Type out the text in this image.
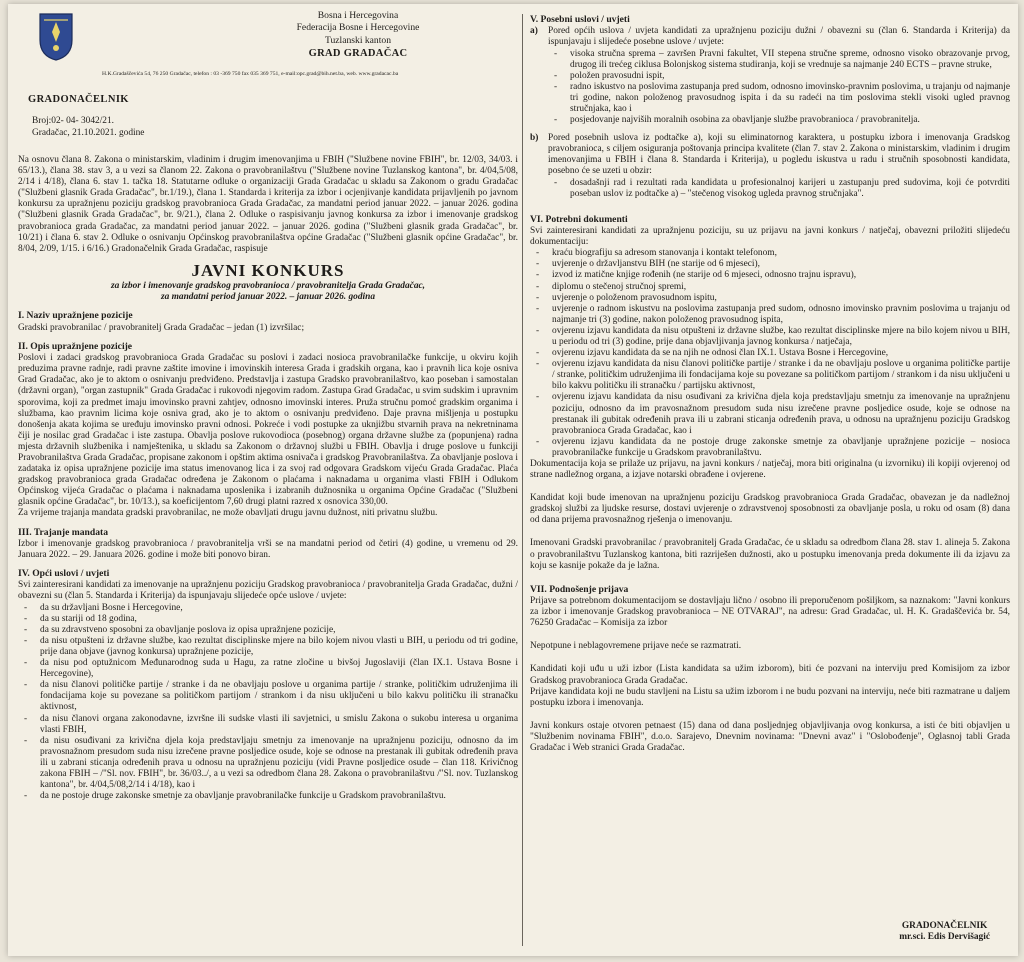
Bosna i Hercegovina
Federacija Bosne i Hercegovine
Tuzlanski kanton
GRAD GRADAČAC
H.K.Gradaščevića 54, 76 250 Gradačac, telefon : 03 -369 750 fax 035 369 751, e-mail:opc.grad@bih.net.ba, web. www.gradacac.ba
GRADONAČELNIK
Broj:02- 04- 3042/21.
Gradačac, 21.10.2021. godine

Na osnovu člana 8. Zakona o ministarskim, vladinim i drugim imenovanjima u FBIH ("Službene novine FBIH", br. 12/03, 34/03. i 65/13.), člana 38. stav 3, a u vezi sa članom 22. Zakona o pravobranilaštvu ("Službene novine Tuzlanskog kantona", br. 4/04,5/08, 2/14 i 4/18), člana 6. stav 1. tačka 18. Statutarne odluke o organizaciji Grada Gradačac u skladu sa Zakonom o gradu Gradačac ("Službeni glasnik Grada Gradačac", br.1/19.), člana 1. Standarda i kriterija za izbor i ocjenjivanje kandidata prijavljenih po javnom konkursu za upražnjenu poziciju gradskog pravobranioca Grada Gradačac, za mandatni period januar 2022. – januar 2026. godina ("Službeni glasnik Grada Gradačac", br. 9/21.), člana 2. Odluke o raspisivanju javnog konkursa za izbor i imenovanje gradskog pravobranioca grada Gradačac, za mandatni period januar 2022. – januar 2026. godina ("Službeni glasnik grada Gradačac", br. 10/21) i člana 6. stav 2. Odluke o osnivanju Općinskog pravobranilaštva općine Gradačac ("Službeni glasnik općine Gradačac", br. 8/04, 2/09, 1/15. i 6/16.) Gradonačelnik Grada Gradačac, raspisuje

JAVNI KONKURS
za izbor i imenovanje gradskog pravobranioca / pravobranitelja Grada Gradačac,
za mandatni period januar 2022. – januar 2026. godina
I. Naziv upražnjene pozicije

Gradski pravobranilac / pravobranitelj Grada Gradačac – jedan (1) izvršilac;

II. Opis upražnjene pozicije

Poslovi i zadaci gradskog pravobranioca Grada Gradačac su poslovi i zadaci nosioca pravobranilačke funkcije, u okviru kojih preduzima pravne radnje, radi pravne zaštite imovine i imovinskih interesa Grada i gradskih organa, kao i pravnih lica koje osniva Grad Gradačac, ako je to aktom o osnivanju predviđeno. Predstavlja i zastupa Gradsko pravobranilaštvo, kao poseban i samostalan (državni organ), "organ zastupnik" Grada Gradačac i rukovodi njegovim radom. Zastupa Grad Gradačac, u svim sudskim i upravnim sporovima, koji za predmet imaju imovinsko pravni zahtjev, odnosno imovinski interes. Pruža stručnu pomoć gradskim organima i službama, kao pravnim licima koje osniva grad, ako je to aktom o osnivanju predviđeno. Daje pravna mišljenja u postupku donošenja akata kojima se uređuju imovinsko pravni odnosi. Pokreće i vodi postupke za uknjižbu stvarnih prava na nekretninama čiji je nosilac grad Gradačac i iste zastupa. Obavlja poslove rukovodioca (posebnog) organa državne službe za (popunjena) radna mjesta državnih službenika i namještenika, u skladu sa Zakonom o državnoj službi u FBIH. Obavlja i druge poslove u funkciji Pravobranilaštva Grada Gradačac, propisane zakonom i opštim aktima osnivača i gradskog Pravobranilaštva. Za obavljanje poslova i zadataka iz opisa upražnjene pozicije ima status imenovanog lica i za svoj rad odgovara Gradskom vijeću Grada Gradačac. Plaća gradskog pravobranioca grada Gradačac određena je Zakonom o plaćama i naknadama u organima vlasti FBIH i Odlukom Općinskog vijeća Gradačac o plaćama i naknadama uposlenika i izabranih dužnosnika u organima Općine Gradačac ("Službeni glasnik općine Gradačac", br. 10/13.), sa koeficijentom 7,60 drugi platni razred x osnovica 330,00.

Za vrijeme trajanja mandata gradski pravobranilac, ne može obavljati drugu javnu dužnost, niti privatnu službu.

III. Trajanje mandata

Izbor i imenovanje gradskog pravobranioca / pravobranitelja vrši se na mandatni period od četiri (4) godine, u vremenu od 29. Januara 2022. – 29. Januara 2026. godine i može biti ponovo biran.

IV. Opći uslovi / uvjeti

Svi zainteresirani kandidati za imenovanje na upražnjenu poziciju Gradskog pravobranioca / pravobranitelja Grada Gradačac, dužni / obavezni su (član 5. Standarda i Kriterija) da ispunjavaju slijedeće opće uslove / uvjete:

- da su državljani Bosne i Hercegovine,
- da su stariji od 18 godina,
- da su zdravstveno sposobni za obavljanje poslova iz opisa upražnjene pozicije,
- da nisu otpušteni iz državne službe, kao rezultat disciplinske mjere na bilo kojem nivou vlasti u BIH, u periodu od tri godine, prije dana objave (javnog konkursa) upražnjene pozicije,
- da nisu pod optužnicom Međunarodnog suda u Hagu, za ratne zločine u bivšoj Jugoslaviji (član IX.1. Ustava Bosne i Hercegovine),
- da nisu članovi političke partije / stranke i da ne obavljaju poslove u organima partije / stranke, političkim udruženjima ili fondacijama koje su povezane sa političkom partijom / strankom i da nisu uključeni u bilo kakvu političku ili stranačku aktivnost,
- da nisu članovi organa zakonodavne, izvršne ili sudske vlasti ili savjetnici, u smislu Zakona o sukobu interesa u organima vlasti FBIH,
- da nisu osuđivani za krivična djela koja predstavljaju smetnju za imenovanje na upražnjenu poziciju, odnosno da im pravosnažnom presudom suda nisu izrečene pravne posljedice osude, koje se odnose na prestanak ili gubitak određenih prava ili u zabrani sticanja određenih prava u odnosu na upražnjenu poziciju (vidi Pravne posljedice osude – član 118. Krivičnog zakona FBIH – /"Sl. nov. FBIH", br. 36/03../, a u vezi sa odredbom člana 28. Zakona o pravobranilaštvu /"Sl. nov. Tuzlanskog kantona", br. 4/04,5/08,2/14 i 4/18), kao i
- da ne postoje druge zakonske smetnje za obavljanje pravobranilačke funkcije u Gradskom pravobranilaštvu.
V. Posebni uslovi / uvjeti
a)	Pored općih uslova / uvjeta kandidati za upražnjenu poziciju dužni / obavezni su (član 6. Standarda i Kriterija) da ispunjavaju i slijedeće posebne uslove / uvjete:

- visoka stručna sprema – završen Pravni fakultet, VII stepena stručne spreme, odnosno visoko obrazovanje prvog, drugog ili trećeg ciklusa Bolonjskog sistema studiranja, koji se vrednuje sa najmanje 240 ECTS – pravne struke,
- položen pravosudni ispit,
- radno iskustvo na poslovima zastupanja pred sudom, odnosno imovinsko-pravnim poslovima, u trajanju od najmanje tri godine, nakon položenog pravosudnog ispita i da su radeći na tim poslovima stekli visoki ugled pravnog stručnjaka, kao i
- posjedovanje najviših moralnih osobina za obavljanje službe pravobranioca / pravobranitelja.
b)	Pored posebnih uslova iz podtačke a), koji su eliminatornog karaktera, u postupku izbora i imenovanja Gradskog pravobranioca, s ciljem osiguranja poštovanja principa kvalitete (član 7. stav 2. Zakona o ministarskim, vladinim i drugim imenovanjima u FBIH i člana 8. Standarda i Kriterija), u pogledu iskustva u radu i stručnih sposobnosti kandidata, posebno će se uzeti u obzir:

- dosadašnji rad i rezultati rada kandidata u profesionalnoj karijeri u zastupanju pred sudovima, koji će potvrditi poseban uslov iz podtačke a) – "stečenog visokog ugleda pravnog stručnjaka".
VI. Potrebni dokumenti

Svi zainteresirani kandidati za upražnjenu poziciju, su uz prijavu na javni konkurs / natječaj, obavezni priložiti slijedeću dokumentaciju:

- kraću biografiju sa adresom stanovanja i kontakt telefonom,
- uvjerenje o državljanstvu BIH (ne starije od 6 mjeseci),
- izvod iz matične knjige rođenih (ne starije od 6 mjeseci, odnosno trajnu ispravu),
- diplomu o stečenoj stručnoj spremi,
- uvjerenje o položenom pravosudnom ispitu,
- uvjerenje o radnom iskustvu na poslovima zastupanja pred sudom, odnosno imovinsko pravnim poslovima u trajanju od najmanje tri (3) godine, nakon položenog pravosudnog ispita,
- ovjerenu izjavu kandidata da nisu otpušteni iz državne službe, kao rezultat disciplinske mjere na bilo kojem nivou u BIH, u periodu od tri (3) godine, prije dana objavljivanja javnog konkursa / natječaja,
- ovjerenu izjavu kandidata da se na njih ne odnosi član IX.1. Ustava Bosne i Hercegovine,
- ovjerenu izjavu kandidata da nisu članovi političke partije / stranke i da ne obavljaju poslove u organima političke partije / stranke, političkim udruženjima ili fondacijama koje su povezane sa političkom partijom / strankom i da nisu uključeni u bilo kakvu političku ili stranačku / partijsku aktivnost,
- ovjerenu izjavu kandidata da nisu osuđivani za krivična djela koja predstavljaju smetnju za imenovanje na upražnjenu poziciju, odnosno da im pravosnažnom presudom suda nisu izrečene pravne posljedice osude, koje se odnose na prestanak ili gubitak određenih prava ili u zabrani sticanja određenih prava, u odnosu na upražnjenu poziciju Gradskog pravobranioca Grada Gradačac, kao i
- ovjerenu izjavu kandidata da ne postoje druge zakonske smetnje za obavljanje upražnjene pozicije – nosioca pravobranilačke funkcije u Gradskom pravobranilaštvu.

Dokumentacija koja se prilaže uz prijavu, na javni konkurs / natječaj, mora biti originalna (u izvorniku) ili kopiji ovjerenoj od strane nadležnog organa, a izjave notarski obrađene i ovjerene.

Kandidat koji bude imenovan na upražnjenu poziciju Gradskog pravobranioca Grada Gradačac, obavezan je da nadležnoj gradskoj službi za ljudske resurse, dostavi uvjerenje o zdravstvenoj sposobnosti za obavljanje posla, u roku od osam (8) dana od dana prijema pravosnažnog rješenja o imenovanju.

Imenovani Gradski pravobranilac / pravobranitelj Grada Gradačac, će u skladu sa odredbom člana 28. stav 1. alineja 5. Zakona o pravobranilaštvu Tuzlanskog kantona, biti razriješen dužnosti, ako u postupku imenovanja preda dokumente ili da izjavu za koju se kasnije pokaže da je lažna.

VII. Podnošenje prijava

Prijave sa potrebnom dokumentacijom se dostavljaju lično / osobno ili preporučenom pošiljkom, sa naznakom: "Javni konkurs za izbor i imenovanje Gradskog pravobranioca – NE OTVARAJ", na adresu: Grad Gradačac, ul. H. K. Gradaščevića br. 54, 76250 Gradačac – Komisija za izbor

Nepotpune i neblagovremene prijave neće se razmatrati.

Kandidati koji uđu u uži izbor (Lista kandidata sa užim izborom), biti će pozvani na interviju pred Komisijom za izbor Gradskog pravobranioca Grada Gradačac.

Prijave kandidata koji ne budu stavljeni na Listu sa užim izborom i ne budu pozvani na interviju, neće biti razmatrane u daljem postupku izbora i imenovanja.

Javni konkurs ostaje otvoren petnaest (15) dana od dana posljednjeg objavljivanja ovog konkursa, a isti će biti objavljen u "Službenim novinama FBIH", d.o.o. Sarajevo, Dnevnim novinama: "Dnevni avaz" i "Oslobođenje", Oglasnoj tabli Grada Gradačac i Web stranici Grada Gradačac.

GRADONAČELNIK
mr.sci. Edis Dervišagić
